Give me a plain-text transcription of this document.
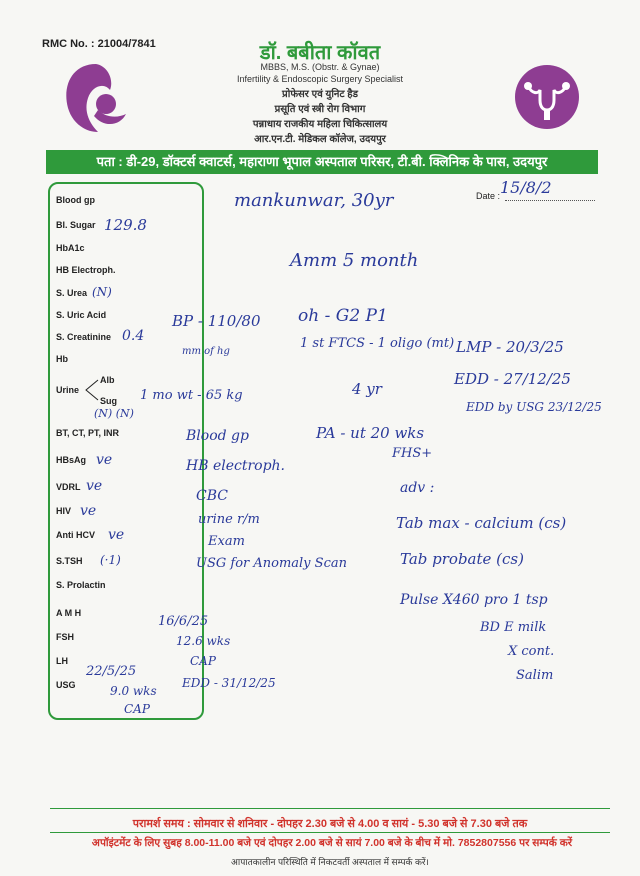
RMC No. : 21004/7841	डॉ. बबीता कॉवत
MBBS, M.S. (Obstr. & Gynae)
Infertility & Endoscopic Surgery Specialist
प्रोफेसर एवं युनिट हैड
प्रसूति एवं स्त्री रोग विभाग
पन्नाधाय राजकीय महिला चिकित्सालय
आर.एन.टी. मेडिकल कॉलेज, उदयपुर
पता : डी-29, डॉक्टर्स क्वाटर्स, महाराणा भूपाल अस्पताल परिसर, टी.बी. क्लिनिक के पास, उदयपुर
Date : 15/8/2
Blood gp
Bl. Sugar 129.8
HbA1c
HB Electroph.
S. Urea (N)
S. Uric Acid
S. Creatinine 0.4
Hb
Urine
Alb
Sug
(N) (N)
BT, CT, PT, INR
HBsAg ve
VDRL ve
HIV ve
Anti HCV ve
S.TSH (·1)
S. Prolactin
A M H
FSH
LH
USG
22/5/25
9.0 wks
CAP
16/6/25
12.6 wks
CAP
EDD - 31/12/25
mankunwar, 30yr
Amm 5 month
oh - G2 P1
1 st FTCS - 1 oligo (mt) LMP - 20/3/25
EDD - 27/12/25
EDD by USG 23/12/25
4 yr
BP - 110/80
mm of hg
1 mo wt - 65 kg
PA - ut 20 wks
FHS+
adv :
Blood gp
HB electroph.
CBC
urine r/m
Exam
USG for Anomaly Scan
Tab max - calcium (cs)
Tab probate (cs)
Pulse X460 pro 1 tsp
BD E milk
X cont.
Salim
परामर्श समय : सोमवार से शनिवार - दोपहर 2.30 बजे से 4.00 व सायं - 5.30 बजे से 7.30 बजे तक
अपॉइंटमेंट के लिए सुबह 8.00-11.00 बजे एवं दोपहर 2.00 बजे से सायं 7.00 बजे के बीच में मो. 7852807556 पर सम्पर्क करें
आपातकालीन परिस्थिति में निकटवर्ती अस्पताल में सम्पर्क करें।
